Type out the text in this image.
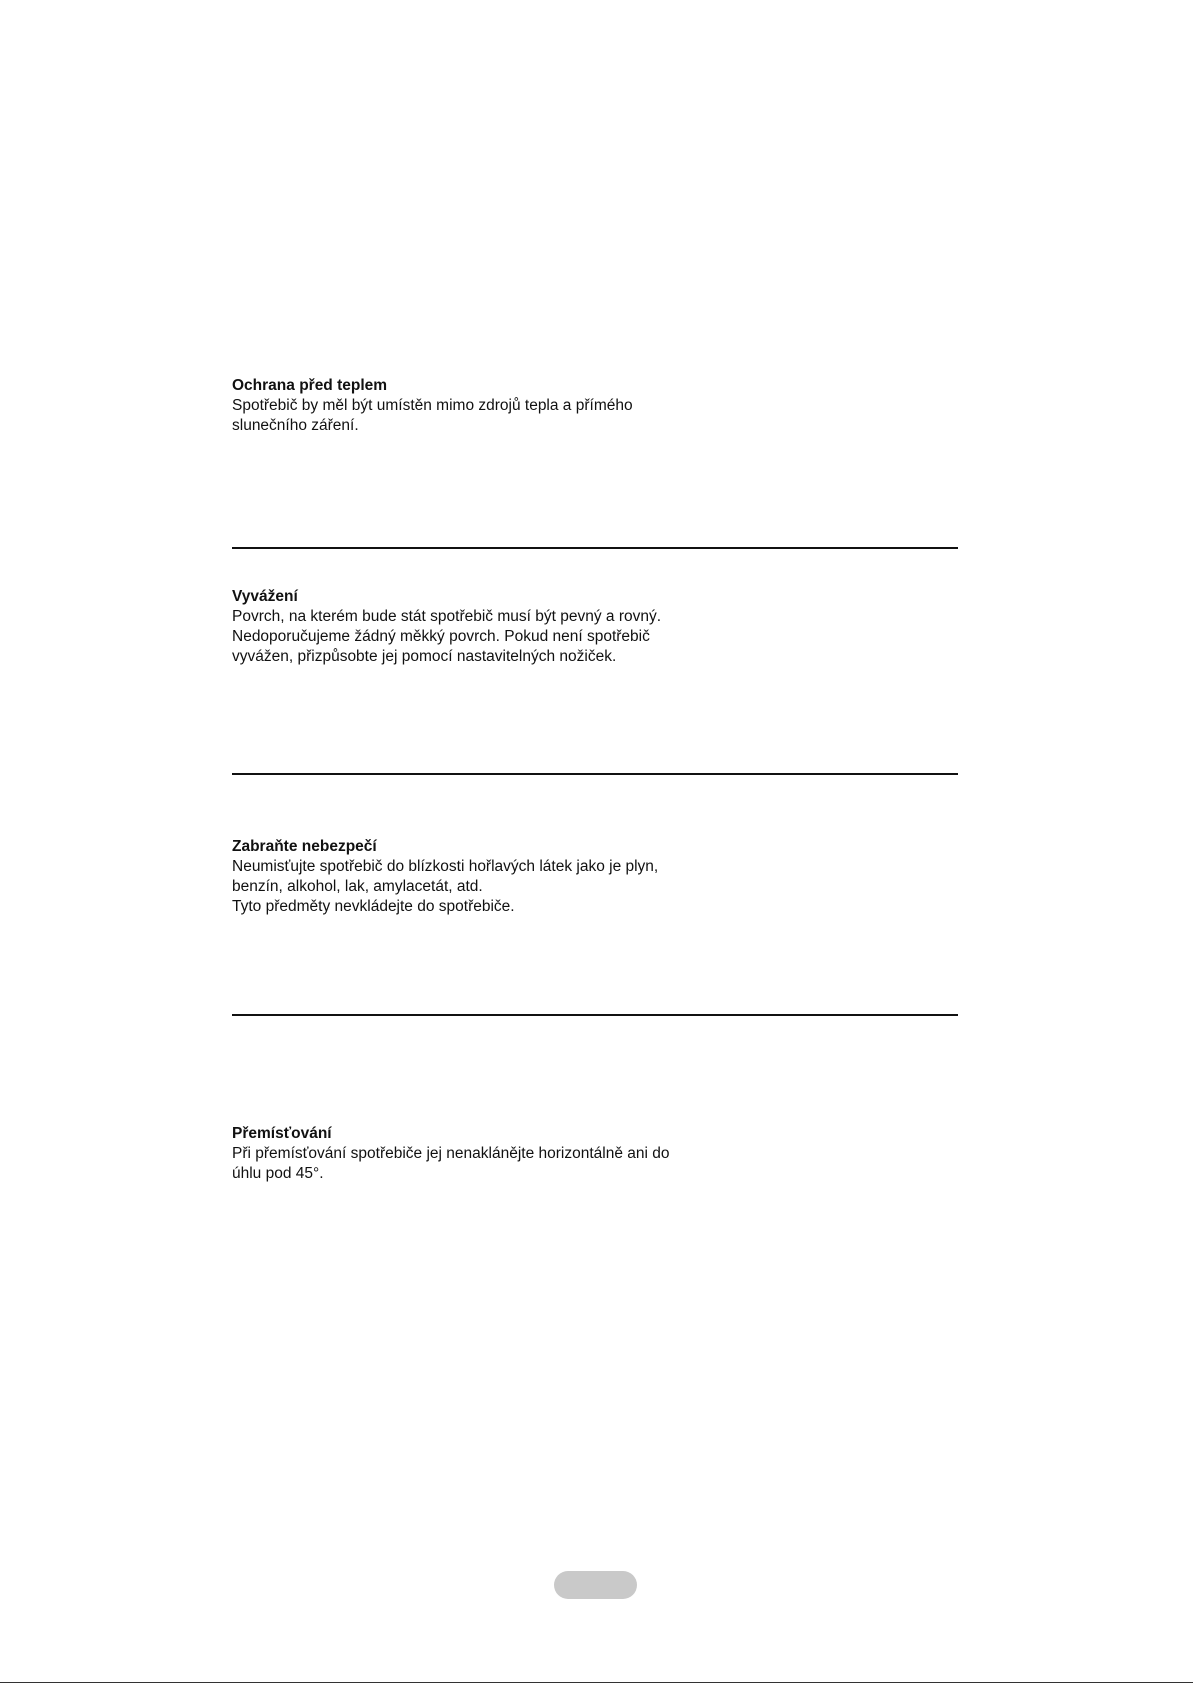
Ochrana před teplem

Spotřebič by měl být umístěn mimo zdrojů tepla a přímého
slunečního záření.

Vyvážení

Povrch, na kterém bude stát spotřebič musí být pevný a rovný.
Nedoporučujeme žádný měkký povrch. Pokud není spotřebič
vyvážen, přizpůsobte jej pomocí nastavitelných nožiček.

Zabraňte nebezpečí

Neumisťujte spotřebič do blízkosti hořlavých látek jako je plyn,
benzín, alkohol, lak, amylacetát, atd.
Tyto předměty nevkládejte do spotřebiče.

Přemísťování

Při přemísťování spotřebiče jej nenaklánějte horizontálně ani do
úhlu pod 45°.
